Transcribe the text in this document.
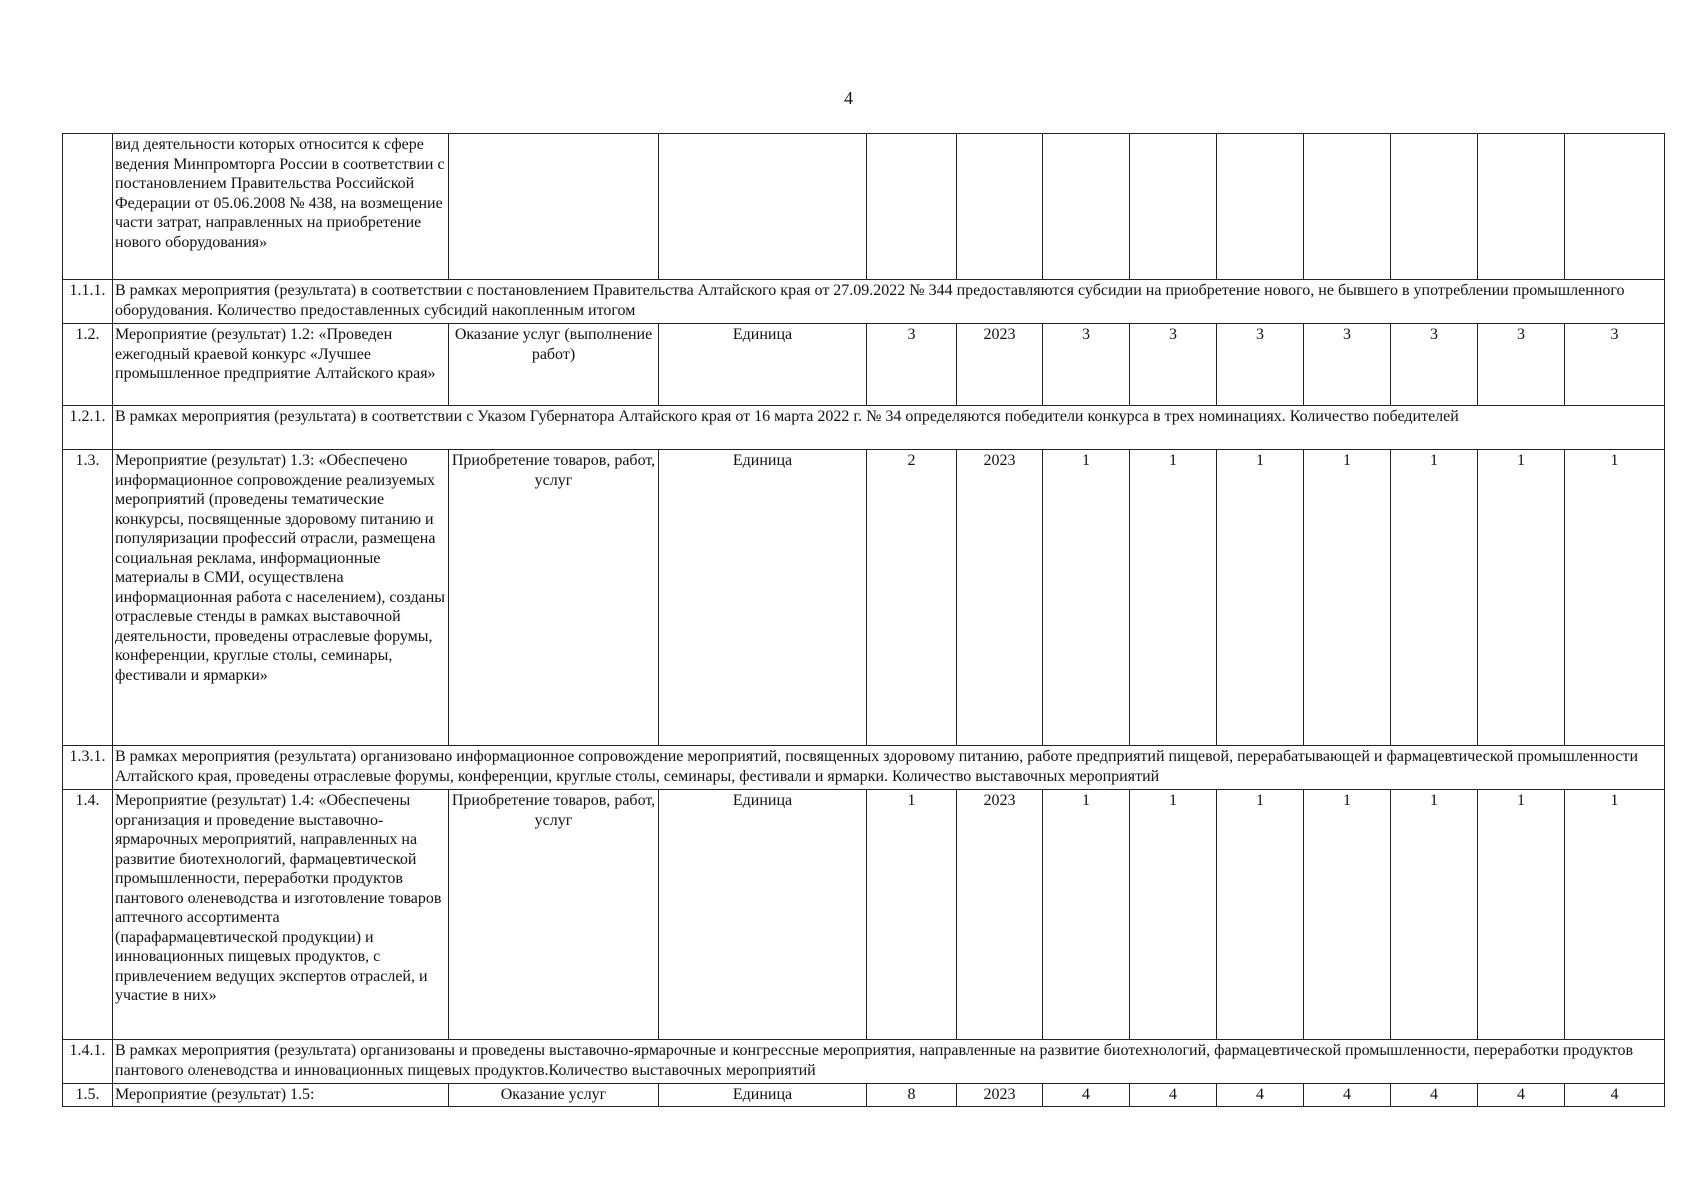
4
	вид деятельности которых относится к сфере ведения Минпромторга России в соответствии с постановлением Правительства Российской Федерации от 05.06.2008 № 438, на возмещение части затрат, направленных на приобретение нового оборудования»											
1.1.1.	В рамках мероприятия (результата) в соответствии с постановлением Правительства Алтайского края от 27.09.2022 № 344 предоставляются субсидии на приобретение нового, не бывшего в употреблении промышленного оборудования. Количество предоставленных субсидий накопленным итогом											
1.2.	Мероприятие (результат) 1.2: «Проведен ежегодный краевой конкурс «Лучшее промышленное предприятие Алтайского края»	Оказание услуг (выполнение работ)	Единица	3	2023	3	3	3	3	3	3	3
1.2.1.	В рамках мероприятия (результата) в соответствии с Указом Губернатора Алтайского края от 16 марта 2022 г. № 34 определяются победители конкурса в трех номинациях. Количество победителей											
1.3.	Мероприятие (результат) 1.3: «Обеспечено информационное сопровождение реализуемых мероприятий (проведены тематические конкурсы, посвященные здоровому питанию и популяризации профессий отрасли, размещена социальная реклама, информационные материалы в СМИ, осуществлена информационная работа с населением), созданы отраслевые стенды в рамках выставочной деятельности, проведены отраслевые форумы, конференции, круглые столы, семинары, фестивали и ярмарки»	Приобретение товаров, работ, услуг	Единица	2	2023	1	1	1	1	1	1	1
1.3.1.	В рамках мероприятия (результата) организовано информационное сопровождение мероприятий, посвященных здоровому питанию, работе предприятий пищевой, перерабатывающей и фармацевтической промышленности Алтайского края, проведены отраслевые форумы, конференции, круглые столы, семинары, фестивали и ярмарки. Количество выставочных мероприятий											
1.4.	Мероприятие (результат) 1.4: «Обеспечены организация и проведение выставочно-ярмарочных мероприятий, направленных на развитие биотехнологий, фармацевтической промышленности, переработки продуктов пантового оленеводства и изготовление товаров аптечного ассортимента (парафармацевтической продукции) и инновационных пищевых продуктов, с привлечением ведущих экспертов отраслей, и участие в них»	Приобретение товаров, работ, услуг	Единица	1	2023	1	1	1	1	1	1	1
1.4.1.	В рамках мероприятия (результата) организованы и проведены выставочно-ярмарочные и конгрессные мероприятия, направленные на развитие биотехнологий, фармацевтической промышленности, переработки продуктов пантового оленеводства и инновационных пищевых продуктов.Количество выставочных мероприятий											
1.5.	Мероприятие (результат) 1.5:	Оказание услуг	Единица	8	2023	4	4	4	4	4	4	4
